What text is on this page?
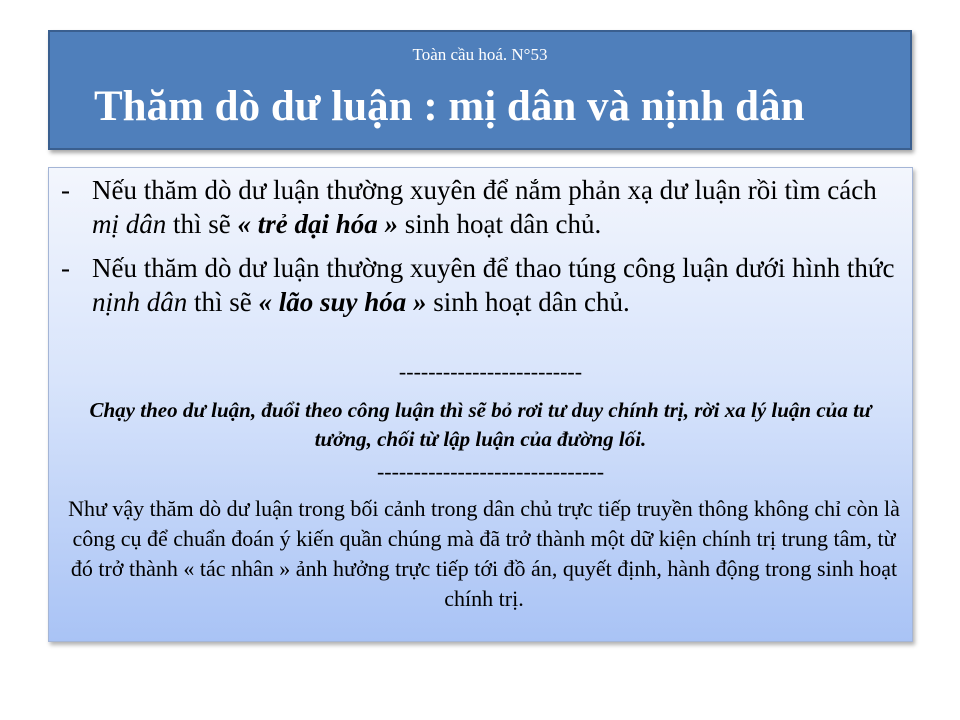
Toàn cầu hoá. N°53
Thăm dò dư luận : mị dân và nịnh dân
- Nếu thăm dò dư luận thường xuyên để nắm phản xạ dư luận rồi tìm cách mị dân thì sẽ « trẻ dại hóa » sinh hoạt dân chủ.
- Nếu thăm dò dư luận thường xuyên để thao túng công luận dưới hình thức nịnh dân thì sẽ « lão suy hóa » sinh hoạt dân chủ.
-------------------------
Chạy theo dư luận, đuổi theo công luận thì sẽ bỏ rơi tư duy chính trị, rời xa lý luận của tư tưởng, chối từ lập luận của đường lối.
-------------------------------
Như vậy thăm dò dư luận trong bối cảnh trong dân chủ trực tiếp truyền thông không chỉ còn là công cụ để chuẩn đoán ý kiến quần chúng mà đã trở thành một dữ kiện chính trị trung tâm, từ đó trở thành « tác nhân » ảnh hưởng trực tiếp tới đồ án, quyết định, hành động trong sinh hoạt chính trị.
